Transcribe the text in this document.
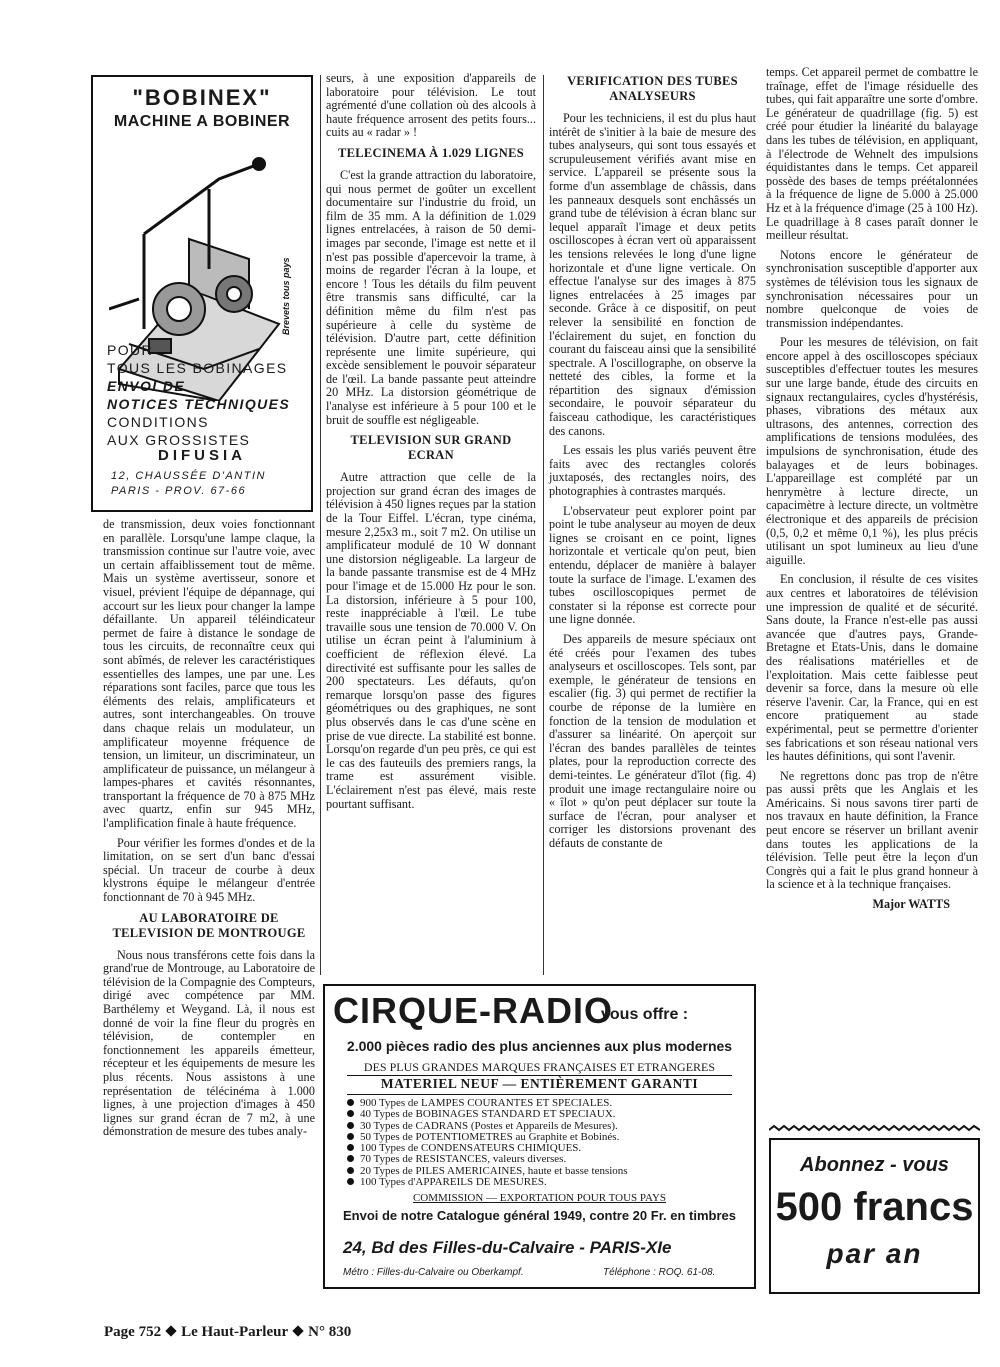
"BOBINEX"
MACHINE A BOBINER
Brevets tous pays
POUR
TOUS LES BOBINAGES
ENVOI DE
NOTICES TECHNIQUES
CONDITIONS
AUX GROSSISTES
DIFUSIA
12, CHAUSSÉE D'ANTIN
PARIS - PROV. 67-66

de transmission, deux voies fonctionnant en parallèle. Lorsqu'une lampe claque, la transmission continue sur l'autre voie, avec un certain affaiblissement tout de même. Mais un système avertisseur, sonore et visuel, prévient l'équipe de dépannage, qui accourt sur les lieux pour changer la lampe défaillante. Un appareil téléindicateur permet de faire à distance le sondage de tous les circuits, de reconnaître ceux qui sont abîmés, de relever les caractéristiques essentielles des lampes, une par une. Les réparations sont faciles, parce que tous les éléments des relais, amplificateurs et autres, sont interchangeables. On trouve dans chaque relais un modulateur, un amplificateur moyenne fréquence de tension, un limiteur, un discriminateur, un amplificateur de puissance, un mélangeur à lampes-phares et cavités résonnantes, transportant la fréquence de 70 à 875 MHz avec quartz, enfin sur 945 MHz, l'amplification finale à haute fréquence.

Pour vérifier les formes d'ondes et de la limitation, on se sert d'un banc d'essai spécial. Un traceur de courbe à deux klystrons équipe le mélangeur d'entrée fonctionnant de 70 à 945 MHz.

AU LABORATOIRE DE TELEVISION DE MONTROUGE

Nous nous transférons cette fois dans la grand'rue de Montrouge, au Laboratoire de télévision de la Compagnie des Compteurs, dirigé avec compétence par MM. Barthélemy et Weygand. Là, il nous est donné de voir la fine fleur du progrès en télévision, de contempler en fonctionnement les appareils émetteur, récepteur et les équipements de mesure les plus récents. Nous assistons à une représentation de télécinéma à 1.000 lignes, à une projection d'images à 450 lignes sur grand écran de 7 m2, à une démonstration de mesure des tubes analy-

seurs, à une exposition d'appareils de laboratoire pour télévision. Le tout agrémenté d'une collation où des alcools à haute fréquence arrosent des petits fours... cuits au « radar » !

TELECINEMA À 1.029 LIGNES

C'est la grande attraction du laboratoire, qui nous permet de goûter un excellent documentaire sur l'industrie du froid, un film de 35 mm. A la définition de 1.029 lignes entrelacées, à raison de 50 demi-images par seconde, l'image est nette et il n'est pas possible d'apercevoir la trame, à moins de regarder l'écran à la loupe, et encore ! Tous les détails du film peuvent être transmis sans difficulté, car la définition même du film n'est pas supérieure à celle du système de télévision. D'autre part, cette définition représente une limite supérieure, qui excède sensiblement le pouvoir séparateur de l'œil. La bande passante peut atteindre 20 MHz. La distorsion géométrique de l'analyse est inférieure à 5 pour 100 et le bruit de souffle est négligeable.

TELEVISION SUR GRAND ECRAN

Autre attraction que celle de la projection sur grand écran des images de télévision à 450 lignes reçues par la station de la Tour Eiffel. L'écran, type cinéma, mesure 2,25x3 m., soit 7 m2. On utilise un amplificateur modulé de 10 W donnant une distorsion négligeable. La largeur de la bande passante transmise est de 4 MHz pour l'image et de 15.000 Hz pour le son. La distorsion, inférieure à 5 pour 100, reste inappréciable à l'œil. Le tube travaille sous une tension de 70.000 V. On utilise un écran peint à l'aluminium à coefficient de réflexion élevé. La directivité est suffisante pour les salles de 200 spectateurs. Les défauts, qu'on remarque lorsqu'on passe des figures géométriques ou des graphiques, ne sont plus observés dans le cas d'une scène en prise de vue directe. La stabilité est bonne. Lorsqu'on regarde d'un peu près, ce qui est le cas des fauteuils des premiers rangs, la trame est assurément visible. L'éclairement n'est pas élevé, mais reste pourtant suffisant.

VERIFICATION DES TUBES ANALYSEURS

Pour les techniciens, il est du plus haut intérêt de s'initier à la baie de mesure des tubes analyseurs, qui sont tous essayés et scrupuleusement vérifiés avant mise en service. L'appareil se présente sous la forme d'un assemblage de châssis, dans les panneaux desquels sont enchâssés un grand tube de télévision à écran blanc sur lequel apparaît l'image et deux petits oscilloscopes à écran vert où apparaissent les tensions relevées le long d'une ligne horizontale et d'une ligne verticale. On effectue l'analyse sur des images à 875 lignes entrelacées à 25 images par seconde. Grâce à ce dispositif, on peut relever la sensibilité en fonction de l'éclairement du sujet, en fonction du courant du faisceau ainsi que la sensibilité spectrale. A l'oscillographe, on observe la netteté des cibles, la forme et la répartition des signaux d'émission secondaire, le pouvoir séparateur du faisceau cathodique, les caractéristiques des canons.

Les essais les plus variés peuvent être faits avec des rectangles colorés juxtaposés, des rectangles noirs, des photographies à contrastes marqués.

L'observateur peut explorer point par point le tube analyseur au moyen de deux lignes se croisant en ce point, lignes horizontale et verticale qu'on peut, bien entendu, déplacer de manière à balayer toute la surface de l'image. L'examen des tubes oscilloscopiques permet de constater si la réponse est correcte pour une ligne donnée.

Des appareils de mesure spéciaux ont été créés pour l'examen des tubes analyseurs et oscilloscopes. Tels sont, par exemple, le générateur de tensions en escalier (fig. 3) qui permet de rectifier la courbe de réponse de la lumière en fonction de la tension de modulation et d'assurer sa linéarité. On aperçoit sur l'écran des bandes parallèles de teintes plates, pour la reproduction correcte des demi-teintes. Le générateur d'îlot (fig. 4) produit une image rectangulaire noire ou « îlot » qu'on peut déplacer sur toute la surface de l'écran, pour analyser et corriger les distorsions provenant des défauts de constante de

temps. Cet appareil permet de combattre le traînage, effet de l'image résiduelle des tubes, qui fait apparaître une sorte d'ombre. Le générateur de quadrillage (fig. 5) est créé pour étudier la linéarité du balayage dans les tubes de télévision, en appliquant, à l'électrode de Wehnelt des impulsions équidistantes dans le temps. Cet appareil possède des bases de temps préétalonnées à la fréquence de ligne de 5.000 à 25.000 Hz et à la fréquence d'image (25 à 100 Hz). Le quadrillage à 8 cases paraît donner le meilleur résultat.

Notons encore le générateur de synchronisation susceptible d'apporter aux systèmes de télévision tous les signaux de synchronisation nécessaires pour un nombre quelconque de voies de transmission indépendantes.

Pour les mesures de télévision, on fait encore appel à des oscilloscopes spéciaux susceptibles d'effectuer toutes les mesures sur une large bande, étude des circuits en signaux rectangulaires, cycles d'hystérésis, phases, vibrations des métaux aux ultrasons, des antennes, correction des amplifications de tensions modulées, des impulsions de synchronisation, étude des balayages et de leurs bobinages. L'appareillage est complété par un henrymètre à lecture directe, un capacimètre à lecture directe, un voltmètre électronique et des appareils de précision (0,5, 0,2 et même 0,1 %), les plus précis utilisant un spot lumineux au lieu d'une aiguille.

En conclusion, il résulte de ces visites aux centres et laboratoires de télévision une impression de qualité et de sécurité. Sans doute, la France n'est-elle pas aussi avancée que d'autres pays, Grande-Bretagne et Etats-Unis, dans le domaine des réalisations matérielles et de l'exploitation. Mais cette faiblesse peut devenir sa force, dans la mesure où elle réserve l'avenir. Car, la France, qui en est encore pratiquement au stade expérimental, peut se permettre d'orienter ses fabrications et son réseau national vers les hautes définitions, qui sont l'avenir.

Ne regrettons donc pas trop de n'être pas aussi prêts que les Anglais et les Américains. Si nous savons tirer parti de nos travaux en haute définition, la France peut encore se réserver un brillant avenir dans toutes les applications de la télévision. Telle peut être la leçon d'un Congrès qui a fait le plus grand honneur à la science et à la technique françaises.

Major WATTS

CIRQUE-RADIO
vous offre :
2.000 pièces radio des plus anciennes aux plus modernes
DES PLUS GRANDES MARQUES FRANÇAISES ET ETRANGERES
MATERIEL NEUF — ENTIÈREMENT GARANTI
900 Types de LAMPES COURANTES ET SPECIALES.
40 Types de BOBINAGES STANDARD ET SPECIAUX.
30 Types de CADRANS (Postes et Appareils de Mesures).
50 Types de POTENTIOMETRES au Graphite et Bobinés.
100 Types de CONDENSATEURS CHIMIQUES.
70 Types de RESISTANCES, valeurs diverses.
20 Types de PILES AMERICAINES, haute et basse tensions
100 Types d'APPAREILS DE MESURES.
COMMISSION — EXPORTATION POUR TOUS PAYS
Envoi de notre Catalogue général 1949, contre 20 Fr. en timbres
24, Bd des Filles-du-Calvaire - PARIS-XIe
Métro : Filles-du-Calvaire ou Oberkampf.	Téléphone : ROQ. 61-08.
Abonnez - vous
500 francs
par an
Page 752 Le Haut-Parleur N° 830
